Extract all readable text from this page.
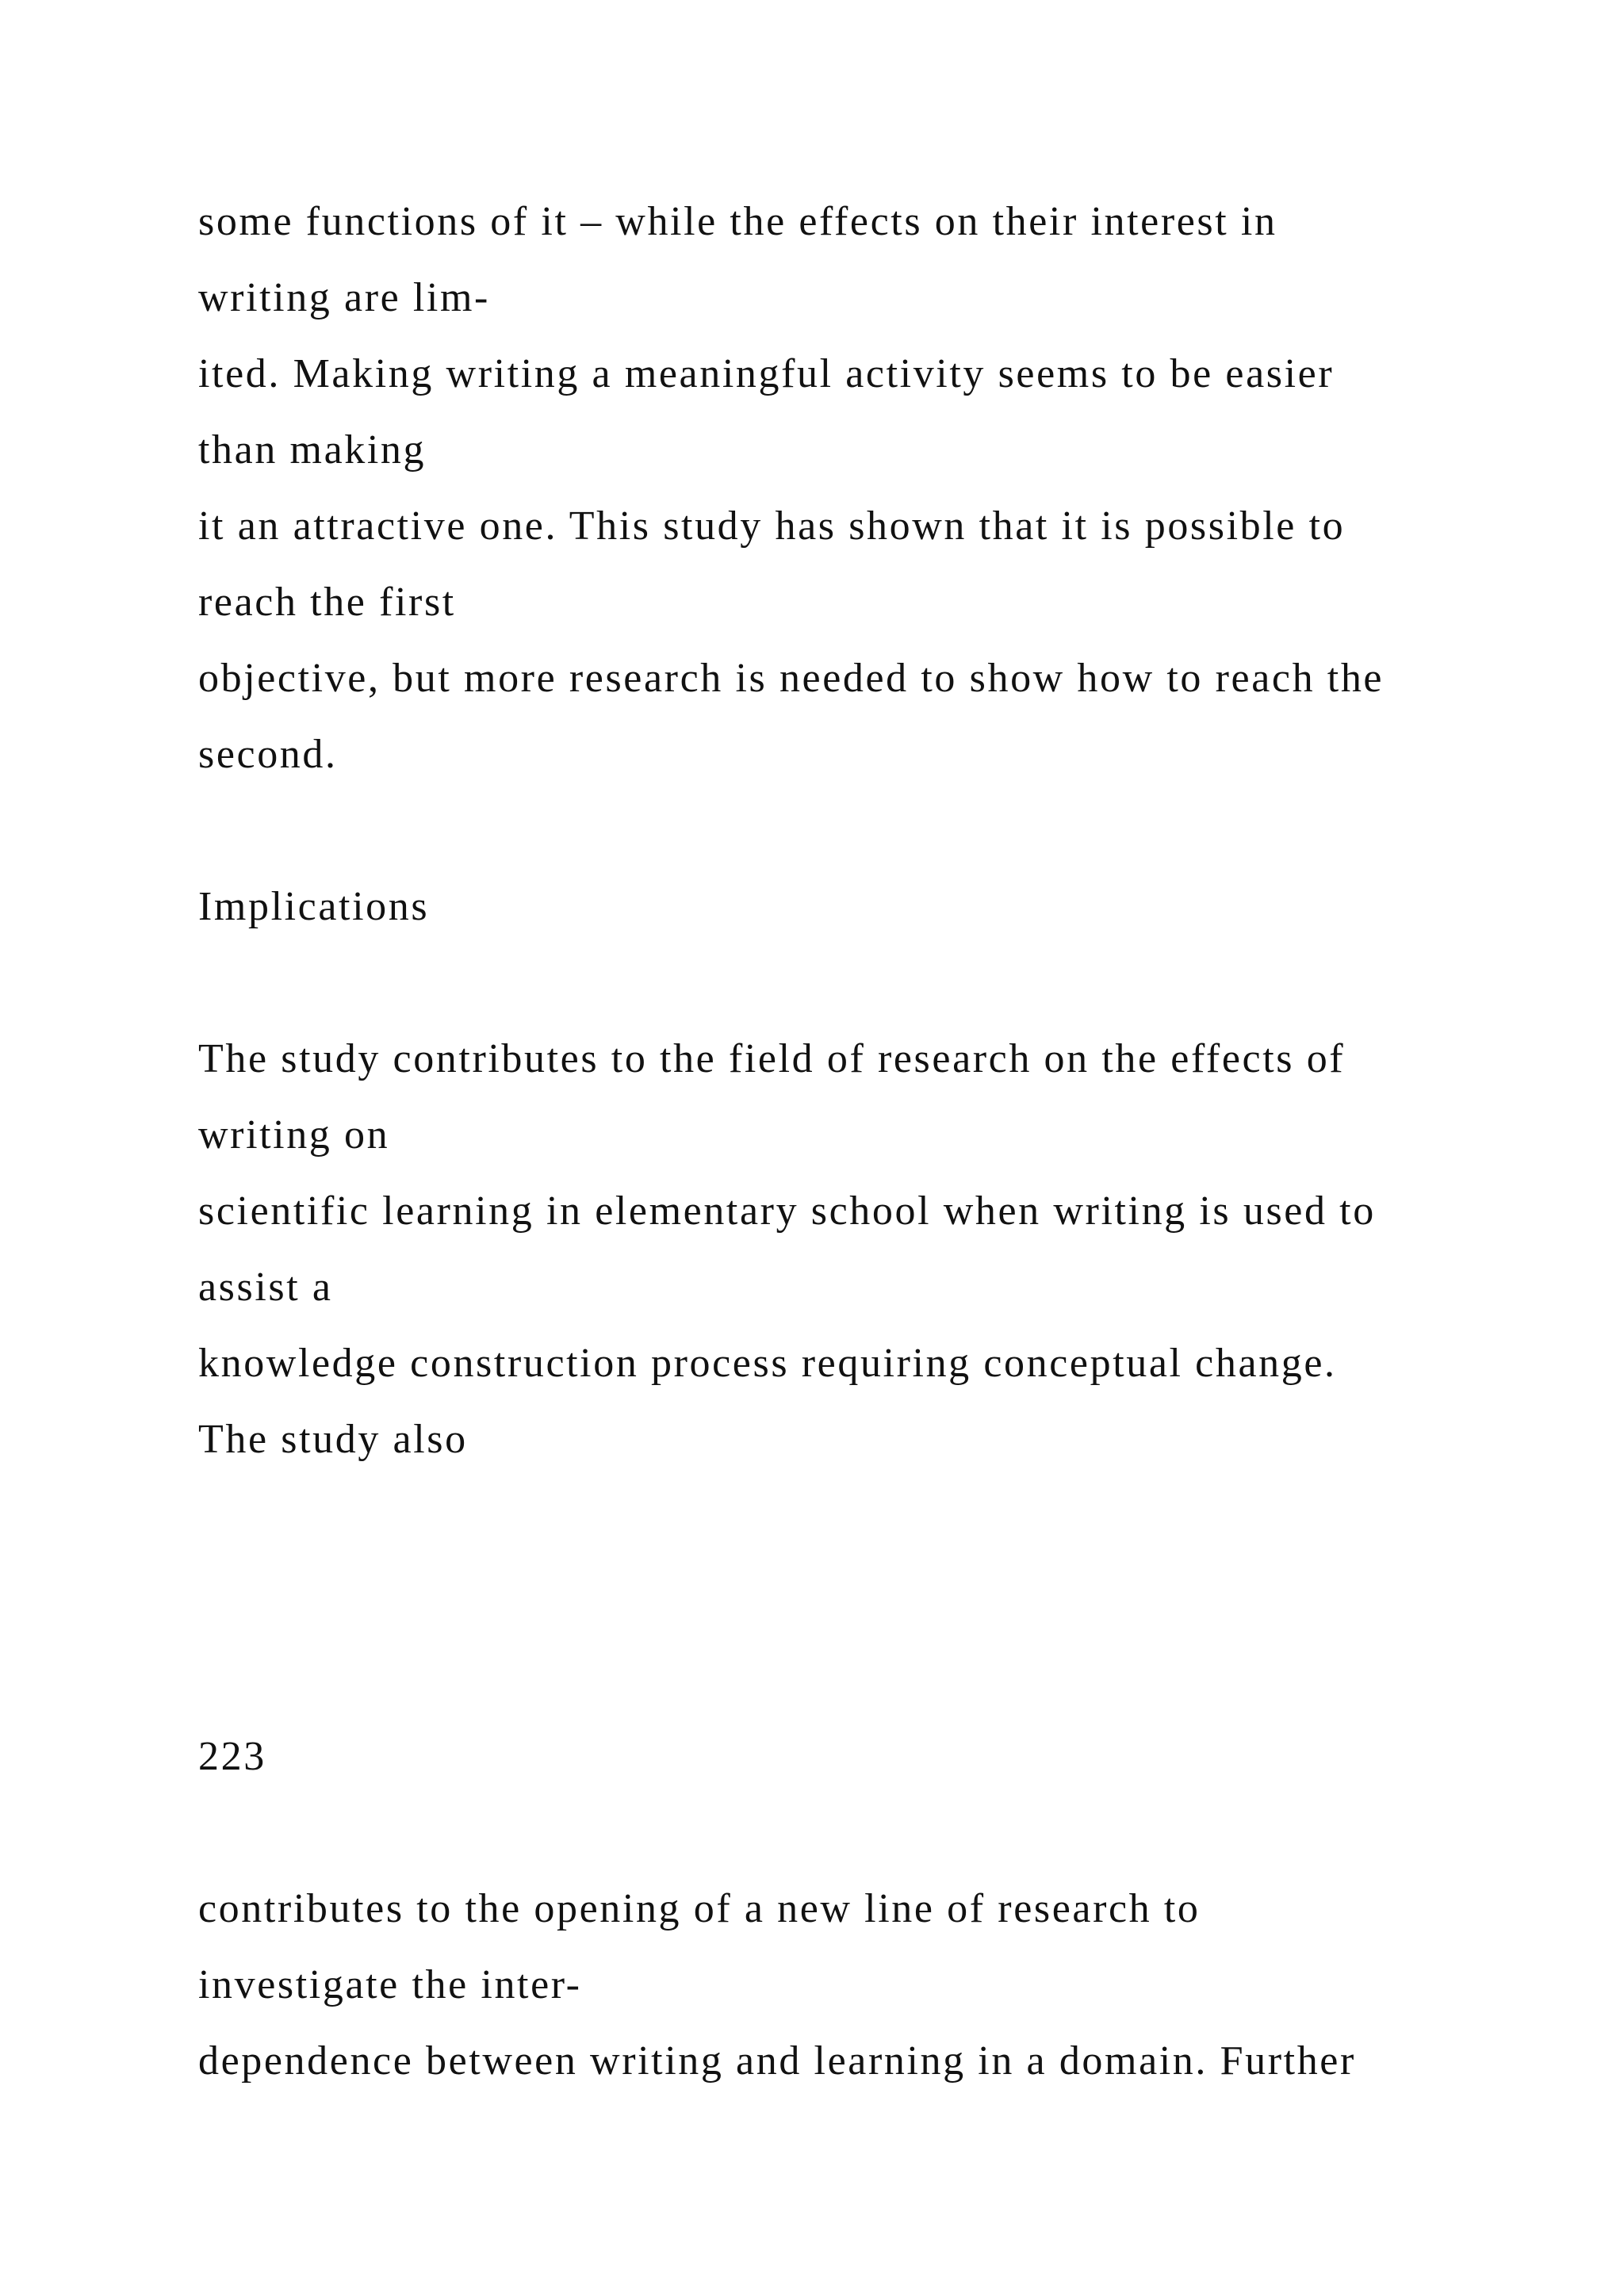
some functions of it – while the effects on their interest in

writing are lim-

ited. Making writing a meaningful activity seems to be easier

than making

it an attractive one. This study has shown that it is possible to

reach the first

objective, but more research is needed to show how to reach the

second.

Implications

The study contributes to the field of research on the effects of

writing on

scientific learning in elementary school when writing is used to

assist a

knowledge construction process requiring conceptual change.

The study also

223

contributes to the opening of a new line of research to

investigate the inter-

dependence between writing and learning in a domain. Further
